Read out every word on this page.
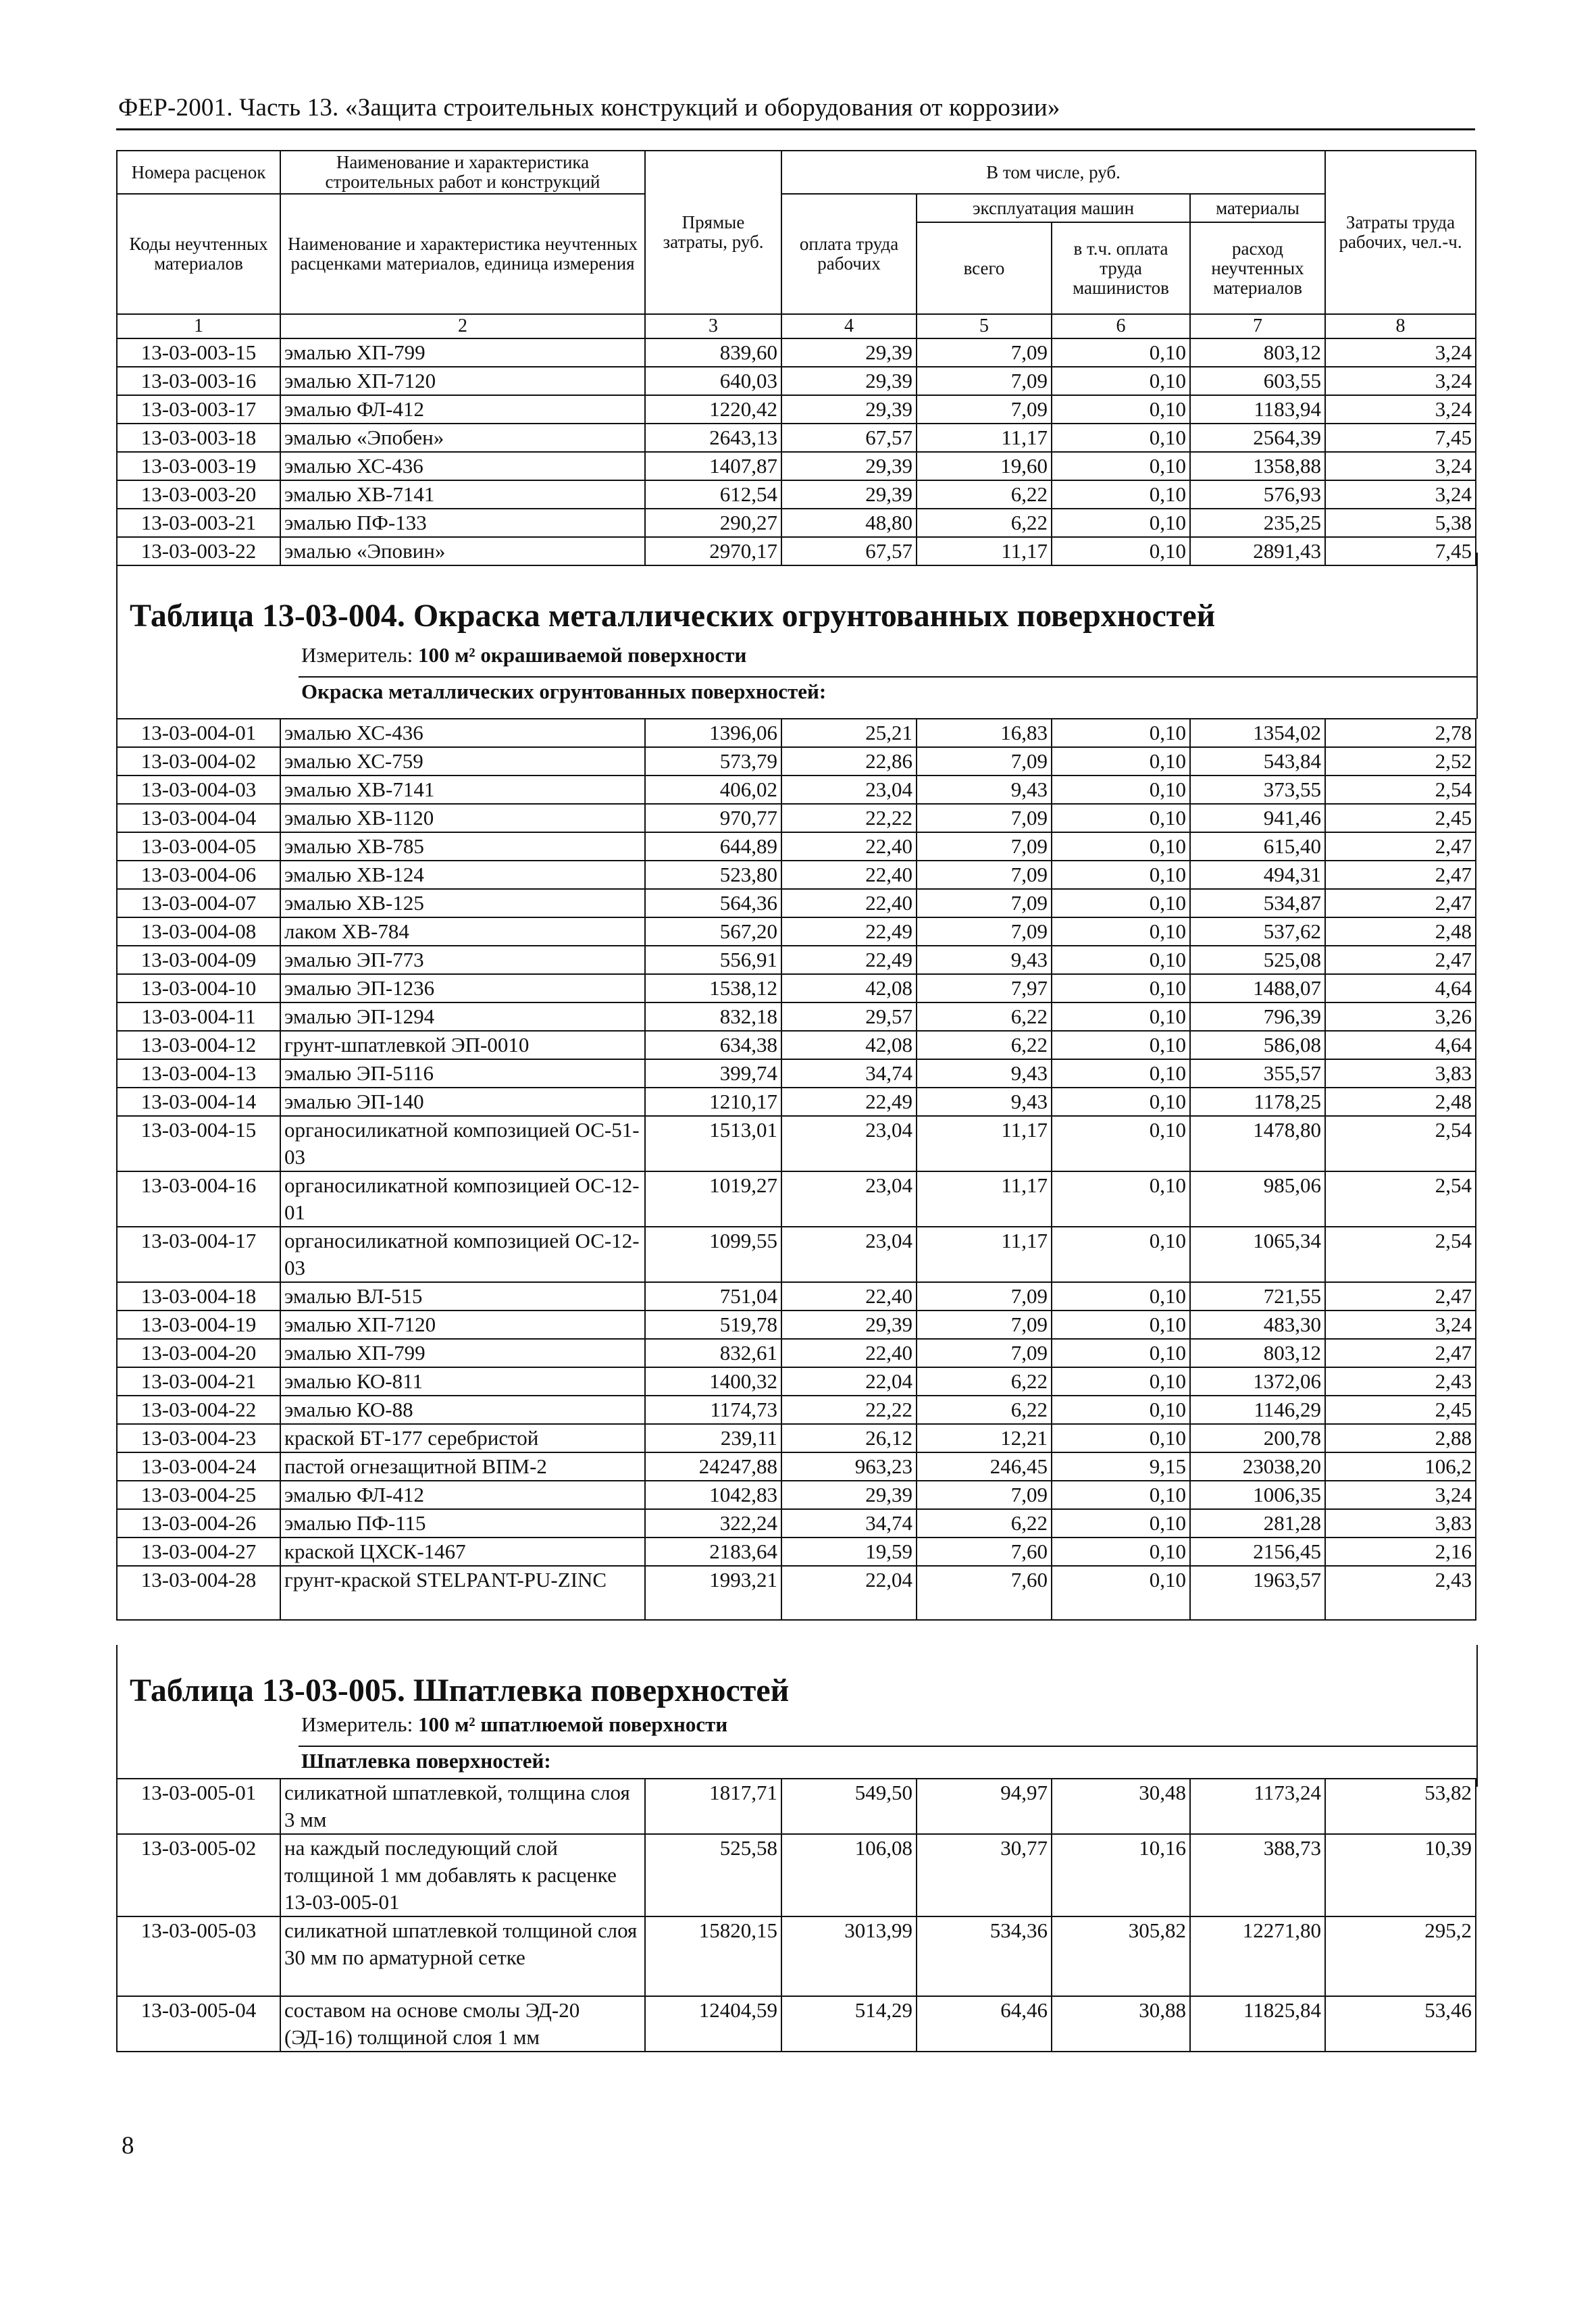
ФЕР-2001. Часть 13. «Защита строительных конструкций и оборудования от коррозии»
Номера расценок	Наименование и характеристика строительных работ и конструкций	Прямые затраты, руб.	В том числе, руб.				Затраты труда рабочих, чел.-ч.
Коды неучтенных материалов	Наименование и характеристика неучтенных расценками материалов, единица измерения		оплата труда рабочих	эксплуатация машин		материалы	
				всего	в т.ч. оплата труда машинистов	расход неучтенных материалов	

1	2	3	4	5	6	7	8
13-03-003-15	эмалью ХП-799	839,60	29,39	7,09	0,10	803,12	3,24
13-03-003-16	эмалью ХП-7120	640,03	29,39	7,09	0,10	603,55	3,24
13-03-003-17	эмалью ФЛ-412	1220,42	29,39	7,09	0,10	1183,94	3,24
13-03-003-18	эмалью «Эпобен»	2643,13	67,57	11,17	0,10	2564,39	7,45
13-03-003-19	эмалью ХС-436	1407,87	29,39	19,60	0,10	1358,88	3,24
13-03-003-20	эмалью ХВ-7141	612,54	29,39	6,22	0,10	576,93	3,24
13-03-003-21	эмалью ПФ-133	290,27	48,80	6,22	0,10	235,25	5,38
13-03-003-22	эмалью «Эповин»	2970,17	67,57	11,17	0,10	2891,43	7,45
Таблица 13-03-004. Окраска металлических огрунтованных поверхностей
Измеритель: 100 м² окрашиваемой поверхности
Окраска металлических огрунтованных поверхностей:
13-03-004-01	эмалью ХС-436	1396,06	25,21	16,83	0,10	1354,02	2,78
13-03-004-02	эмалью ХС-759	573,79	22,86	7,09	0,10	543,84	2,52
13-03-004-03	эмалью ХВ-7141	406,02	23,04	9,43	0,10	373,55	2,54
13-03-004-04	эмалью ХВ-1120	970,77	22,22	7,09	0,10	941,46	2,45
13-03-004-05	эмалью ХВ-785	644,89	22,40	7,09	0,10	615,40	2,47
13-03-004-06	эмалью ХВ-124	523,80	22,40	7,09	0,10	494,31	2,47
13-03-004-07	эмалью ХВ-125	564,36	22,40	7,09	0,10	534,87	2,47
13-03-004-08	лаком ХВ-784	567,20	22,49	7,09	0,10	537,62	2,48
13-03-004-09	эмалью ЭП-773	556,91	22,49	9,43	0,10	525,08	2,47
13-03-004-10	эмалью ЭП-1236	1538,12	42,08	7,97	0,10	1488,07	4,64
13-03-004-11	эмалью ЭП-1294	832,18	29,57	6,22	0,10	796,39	3,26
13-03-004-12	грунт-шпатлевкой ЭП-0010	634,38	42,08	6,22	0,10	586,08	4,64
13-03-004-13	эмалью ЭП-5116	399,74	34,74	9,43	0,10	355,57	3,83
13-03-004-14	эмалью ЭП-140	1210,17	22,49	9,43	0,10	1178,25	2,48
13-03-004-15	органосиликатной композицией ОС-51-03	1513,01	23,04	11,17	0,10	1478,80	2,54
13-03-004-16	органосиликатной композицией ОС-12-01	1019,27	23,04	11,17	0,10	985,06	2,54
13-03-004-17	органосиликатной композицией ОС-12-03	1099,55	23,04	11,17	0,10	1065,34	2,54
13-03-004-18	эмалью ВЛ-515	751,04	22,40	7,09	0,10	721,55	2,47
13-03-004-19	эмалью ХП-7120	519,78	29,39	7,09	0,10	483,30	3,24
13-03-004-20	эмалью ХП-799	832,61	22,40	7,09	0,10	803,12	2,47
13-03-004-21	эмалью КО-811	1400,32	22,04	6,22	0,10	1372,06	2,43
13-03-004-22	эмалью КО-88	1174,73	22,22	6,22	0,10	1146,29	2,45
13-03-004-23	краской БТ-177 серебристой	239,11	26,12	12,21	0,10	200,78	2,88
13-03-004-24	пастой огнезащитной ВПМ-2	24247,88	963,23	246,45	9,15	23038,20	106,2
13-03-004-25	эмалью ФЛ-412	1042,83	29,39	7,09	0,10	1006,35	3,24
13-03-004-26	эмалью ПФ-115	322,24	34,74	6,22	0,10	281,28	3,83
13-03-004-27	краской ЦХСК-1467	2183,64	19,59	7,60	0,10	2156,45	2,16
13-03-004-28	грунт-краской STELPANT-PU-ZINC	1993,21	22,04	7,60	0,10	1963,57	2,43
Таблица 13-03-005. Шпатлевка поверхностей
Измеритель: 100 м² шпатлюемой поверхности
Шпатлевка поверхностей:
13-03-005-01	силикатной шпатлевкой, толщина слоя 3 мм	1817,71	549,50	94,97	30,48	1173,24	53,82
13-03-005-02	на каждый последующий слой толщиной 1 мм добавлять к расценке 13-03-005-01	525,58	106,08	30,77	10,16	388,73	10,39
13-03-005-03	силикатной шпатлевкой толщиной слоя 30 мм по арматурной сетке	15820,15	3013,99	534,36	305,82	12271,80	295,2
13-03-005-04	составом на основе смолы ЭД-20 (ЭД-16) толщиной слоя 1 мм	12404,59	514,29	64,46	30,88	11825,84	53,46
8
